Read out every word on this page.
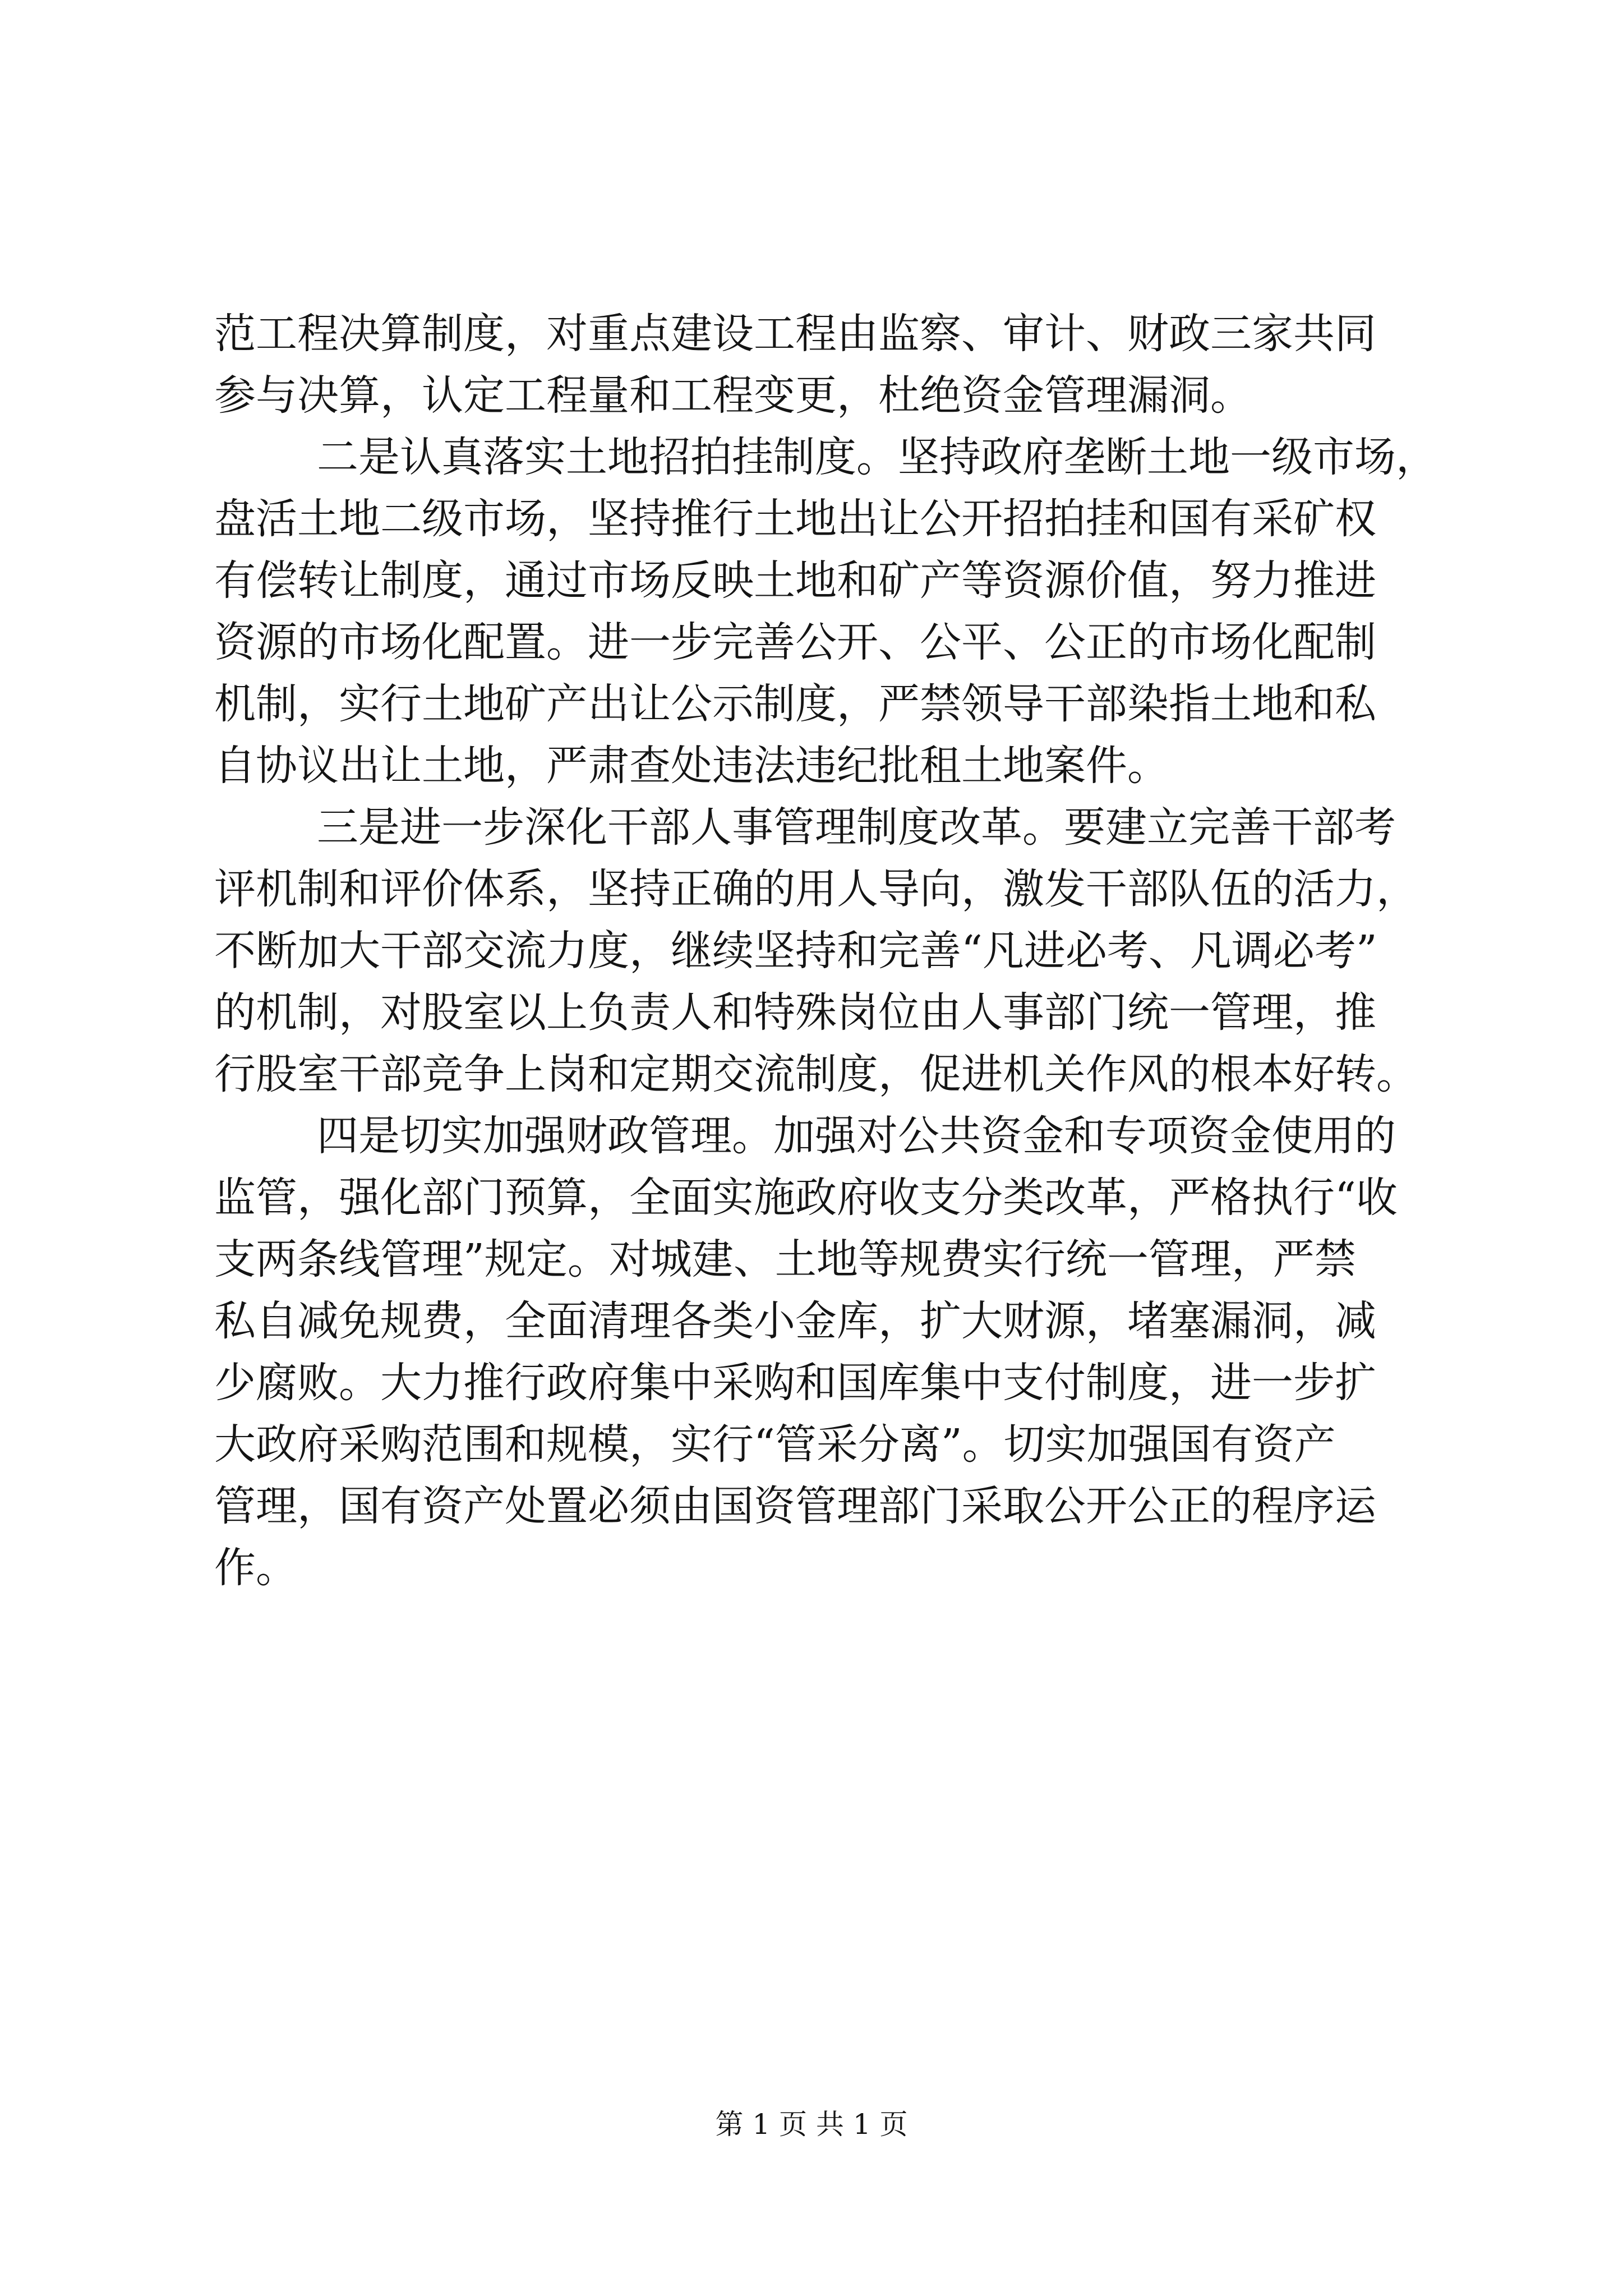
范工程决算制度，对重点建设工程由监察、审计、财政三家共同
参与决算，认定工程量和工程变更，杜绝资金管理漏洞。
二是认真落实土地招拍挂制度。坚持政府垄断土地一级市场，
盘活土地二级市场，坚持推行土地出让公开招拍挂和国有采矿权
有偿转让制度，通过市场反映土地和矿产等资源价值，努力推进
资源的市场化配置。进一步完善公开、公平、公正的市场化配制
机制，实行土地矿产出让公示制度，严禁领导干部染指土地和私
自协议出让土地，严肃查处违法违纪批租土地案件。
三是进一步深化干部人事管理制度改革。要建立完善干部考
评机制和评价体系，坚持正确的用人导向，激发干部队伍的活力，
不断加大干部交流力度，继续坚持和完善“凡进必考、凡调必考”
的机制，对股室以上负责人和特殊岗位由人事部门统一管理，推
行股室干部竞争上岗和定期交流制度，促进机关作风的根本好转。
四是切实加强财政管理。加强对公共资金和专项资金使用的
监管，强化部门预算，全面实施政府收支分类改革，严格执行“收
支两条线管理”规定。对城建、土地等规费实行统一管理，严禁
私自减免规费，全面清理各类小金库，扩大财源，堵塞漏洞，减
少腐败。大力推行政府集中采购和国库集中支付制度，进一步扩
大政府采购范围和规模，实行“管采分离”。切实加强国有资产
管理，国有资产处置必须由国资管理部门采取公开公正的程序运
作。
第 1 页 共 1 页
